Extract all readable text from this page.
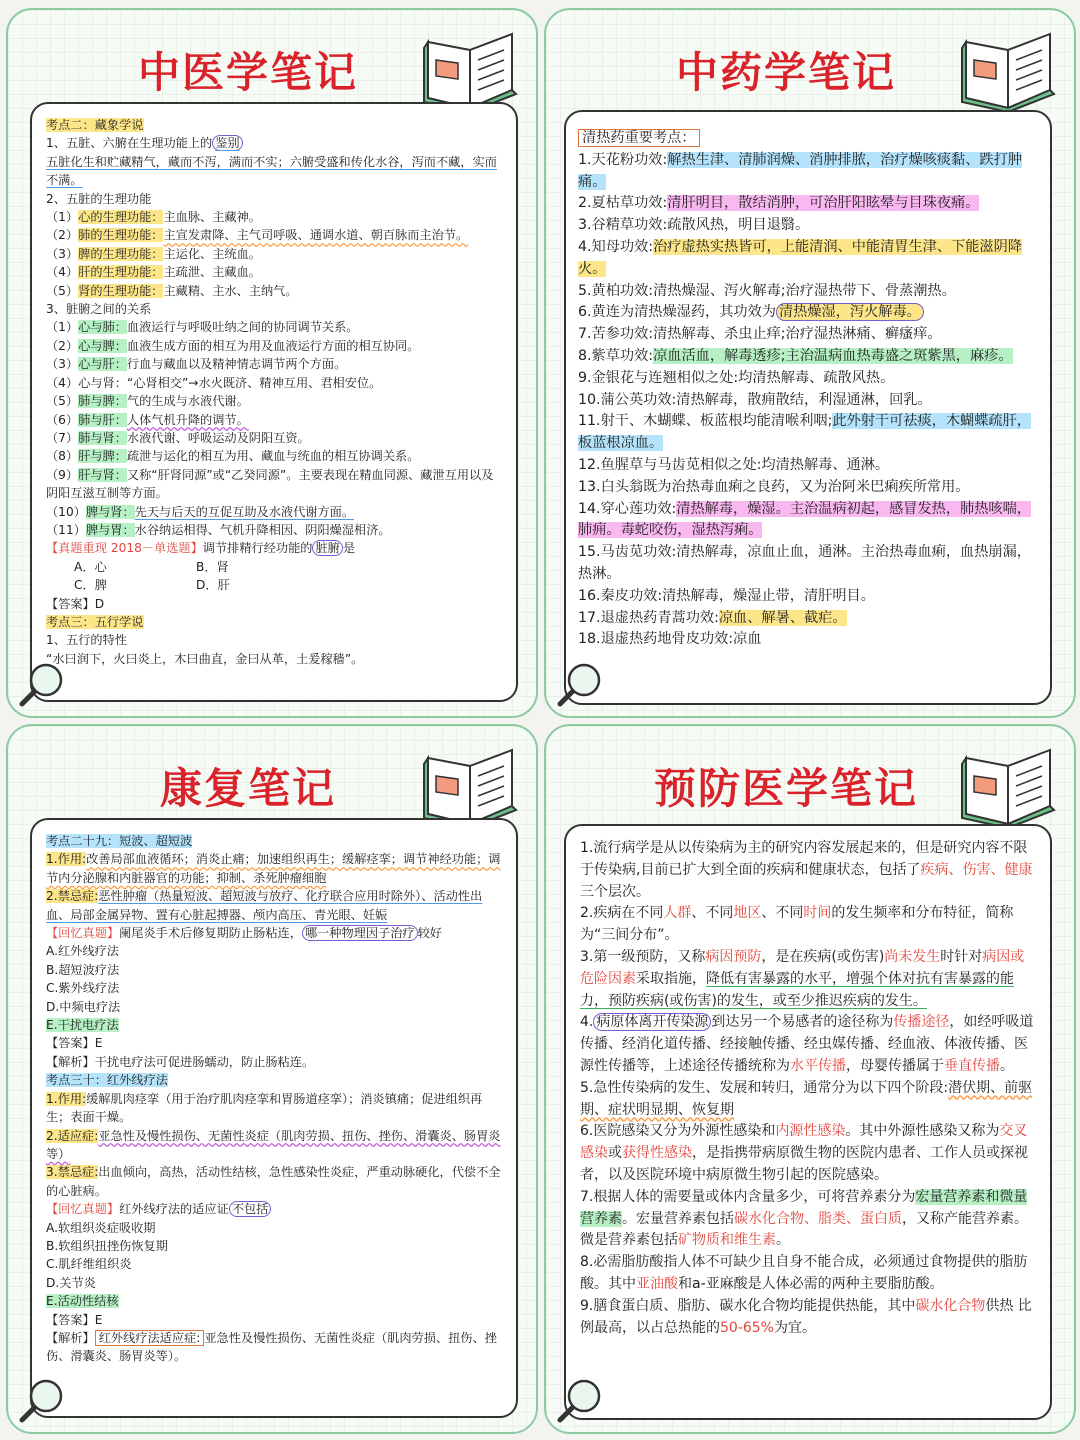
中医学笔记
考点二：藏象学说
1、五脏、六腑在生理功能上的 鉴别
五脏化生和贮藏精气，藏而不泻，满而不实；六腑受盛和传化水谷，泻而不藏，实而不满。
2、五脏的生理功能
（1）心的生理功能：主血脉、主藏神。
（2）肺的生理功能：主宣发肃降、主气司呼吸、通调水道、朝百脉而主治节。
（3）脾的生理功能：主运化、主统血。
（4）肝的生理功能：主疏泄、主藏血。
（5）肾的生理功能：主藏精、主水、主纳气。
3、脏腑之间的关系
（1）心与肺：血液运行与呼吸吐纳之间的协同调节关系。
（2）心与脾：血液生成方面的相互为用及血液运行方面的相互协同。
（3）心与肝：行血与藏血以及精神情志调节两个方面。
（4）心与肾：“心肾相交”→水火既济、精神互用、君相安位。
（5）肺与脾：气的生成与水液代谢。
（6）肺与肝：人体气机升降的调节。
（7）肺与肾：水液代谢、呼吸运动及阴阳互资。
（8）肝与脾：疏泄与运化的相互为用、藏血与统血的相互协调关系。
（9）肝与肾：又称“肝肾同源”或“乙癸同源”。主要表现在精血同源、藏泄互用以及阴阳互滋互制等方面。
（10）脾与肾：先天与后天的互促互助及水液代谢方面。
（11）脾与胃：水谷纳运相得、气机升降相因、阴阳燥湿相济。
【真题重现 2018－单选题】调节排精行经功能的 脏腑 是
A．心	B．肾
C．脾	D．肝
【答案】D
考点三：五行学说
1、五行的特性
“水曰润下，火曰炎上，木曰曲直，金曰从革，土爰稼穑”。
中药学笔记
清热药重要考点：
1.天花粉功效:解热生津、清肺润燥、消肿排脓，治疗燥咳痰黏、跌打肿痛。
2.夏枯草功效:清肝明目，散结消肿，可治肝阳眩晕与目珠夜痛。
3.谷精草功效:疏散风热，明目退翳。
4.知母功效:治疗虚热实热皆可，上能清润、中能清胃生津、下能滋阴降火。
5.黄柏功效:清热燥湿、泻火解毒;治疗湿热带下、骨蒸潮热。
6.黄连为清热燥湿药，其功效为 清热燥湿，泻火解毒。
7.苦参功效:清热解毒、杀虫止痒;治疗湿热淋痛、癣瘙痒。
8.紫草功效:凉血活血，解毒透疹;主治温病血热毒盛之斑紫黑，麻疹。
9.金银花与连翘相似之处:均清热解毒、疏散风热。
10.蒲公英功效:清热解毒，散痈散结，利湿通淋，回乳。
11.射干、木蝴蝶、板蓝根均能清喉利咽;此外射干可祛痰，木蝴蝶疏肝，板蓝根凉血。
12.鱼腥草与马齿苋相似之处:均清热解毒、通淋。
13.白头翁既为治热毒血痢之良药，又为治阿米巴痢疾所常用。
14.穿心莲功效:清热解毒，燥湿。主治温病初起，感冒发热，肺热咳喘，肺痈。毒蛇咬伤，湿热泻痢。
15.马齿苋功效:清热解毒，凉血止血，通淋。主治热毒血痢，血热崩漏，热淋。
16.秦皮功效:清热解毒，燥湿止带，清肝明目。
17.退虚热药青蒿功效:凉血、解暑、截疟。
18.退虚热药地骨皮功效:凉血
康复笔记
考点二十九：短波、超短波
1.作用:改善局部血液循环；消炎止痛；加速组织再生；缓解痉挛；调节神经功能；调节内分泌腺和内脏器官的功能；抑制、杀死肿瘤细胞
2.禁忌症:恶性肿瘤（热量短波、超短波与放疗、化疗联合应用时除外）、活动性出血、局部金属异物、置有心脏起搏器、颅内高压、青光眼、妊娠
【回忆真题】阑尾炎手术后修复期防止肠粘连， 哪一种物理因子治疗 较好
A.红外线疗法
B.超短波疗法
C.紫外线疗法
D.中频电疗法
E.干扰电疗法
【答案】E
【解析】干扰电疗法可促进肠蠕动，防止肠粘连。
考点三十：红外线疗法
1.作用:缓解肌肉痉挛（用于治疗肌肉痉挛和胃肠道痉挛）；消炎镇痛；促进组织再生；表面干燥。
2.适应症:亚急性及慢性损伤、无菌性炎症（肌肉劳损、扭伤、挫伤、滑囊炎、肠胃炎等）
3.禁忌症:出血倾向，高热，活动性结核，急性感染性炎症，严重动脉硬化，代偿不全的心脏病。
【回忆真题】红外线疗法的适应证 不包括
A.软组织炎症吸收期
B.软组织扭挫伤恢复期
C.肌纤维组织炎
D.关节炎
E.活动性结核
【答案】E
【解析】 红外线疗法适应症: 亚急性及慢性损伤、无菌性炎症（肌肉劳损、扭伤、挫伤、滑囊炎、肠胃炎等）。
预防医学笔记
1.流行病学是从以传染病为主的研究内容发展起来的，但是研究内容不限于传染病,目前已扩大到全面的疾病和健康状态，包括了疾病、伤害、健康三个层次。
2.疾病在不同人群、不同地区、不同时间的发生频率和分布特征，简称为“三间分布”。
3.第一级预防，又称病因预防，是在疾病(或伤害)尚未发生时针对病因或危险因素采取指施，降低有害暴露的水平，增强个体对抗有害暴露的能力，预防疾病(或伤害)的发生，或至少推迟疾病的发生。
4. 病原体离开传染源 到达另一个易感者的途径称为传播途径，如经呼吸道传播、经消化道传播、经接触传播、经虫媒传播、经血液、体液传播、医源性传播等，上述途径传播统称为水平传播，母婴传播属于垂直传播。
5.急性传染病的发生、发展和转归，通常分为以下四个阶段:潜伏期、前驱期、症状明显期、恢复期
6.医院感染又分为外源性感染和内源性感染。其中外源性感染又称为交叉感染或获得性感染，是指携带病原微生物的医院内患者、工作人员或探视者，以及医院环境中病原微生物引起的医院感染。
7.根据人体的需要量或体内含量多少，可将营养素分为宏量营养素和微量营养素。宏量营养素包括碳水化合物、脂类、蛋白质，又称产能营养素。微是营养素包括矿物质和维生素。
8.必需脂肪酸指人体不可缺少且自身不能合成，必须通过食物提供的脂肪酸。其中亚油酸和a-亚麻酸是人体必需的两种主要脂肪酸。
9.膳食蛋白质、脂肪、碳水化合物均能提供热能，其中碳水化合物供热 比例最高，以占总热能的50-65%为宜。
